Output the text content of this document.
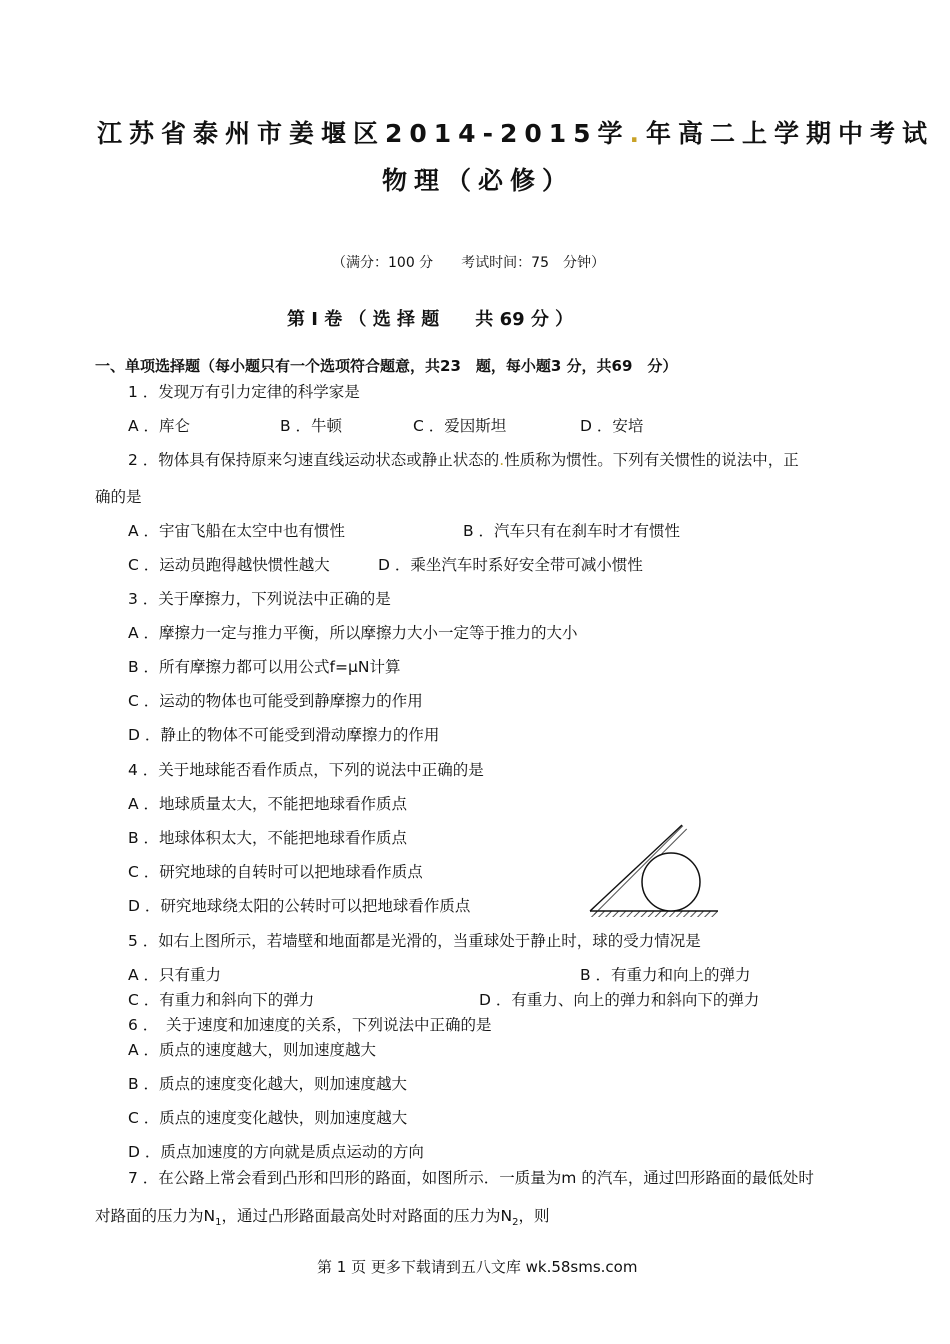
江苏省泰州市姜堰区2014-2015学.年高二上学期中考试
物理（必修）
（满分：100 分　　考试时间：75　分钟）
第 I 卷 （ 选 择 题　　共 69 分 ）
一、单项选择题（每小题只有一个选项符合题意，共23　题，每小题3 分，共69　分）
1 ．发现万有引力定律的科学家是
A ．库仑	B ．牛顿	C ．爱因斯坦	D ．安培
2 ．物体具有保持原来匀速直线运动状态或静止状态的.性质称为惯性。下列有关惯性的说法中，正
确的是
A ．宇宙飞船在太空中也有惯性	B ．汽车只有在刹车时才有惯性
C ．运动员跑得越快惯性越大	D ．乘坐汽车时系好安全带可减小惯性
3 ．关于摩擦力，下列说法中正确的是
A ．摩擦力一定与推力平衡，所以摩擦力大小一定等于推力的大小
B ．所有摩擦力都可以用公式f=μN计算
C ．运动的物体也可能受到静摩擦力的作用
D ．静止的物体不可能受到滑动摩擦力的作用
4 ．关于地球能否看作质点，下列的说法中正确的是
A ．地球质量太大，不能把地球看作质点
B ．地球体积太大，不能把地球看作质点
C ．研究地球的自转时可以把地球看作质点
D ．研究地球绕太阳的公转时可以把地球看作质点
5 ．如右上图所示，若墙壁和地面都是光滑的，当重球处于静止时，球的受力情况是
A ．只有重力	B ．有重力和向上的弹力
C ．有重力和斜向下的弹力	D ．有重力、向上的弹力和斜向下的弹力
6 ．　关于速度和加速度的关系，下列说法中正确的是
A ．质点的速度越大，则加速度越大
B ．质点的速度变化越大，则加速度越大
C ．质点的速度变化越快，则加速度越大
D ．质点加速度的方向就是质点运动的方向
7 ．在公路上常会看到凸形和凹形的路面，如图所示．一质量为m 的汽车，通过凹形路面的最低处时
对路面的压力为$N_1$，通过凸形路面最高处时对路面的压力为$N_2$，则
第 1 页 更多下载请到五八文库 wk.58sms.com
